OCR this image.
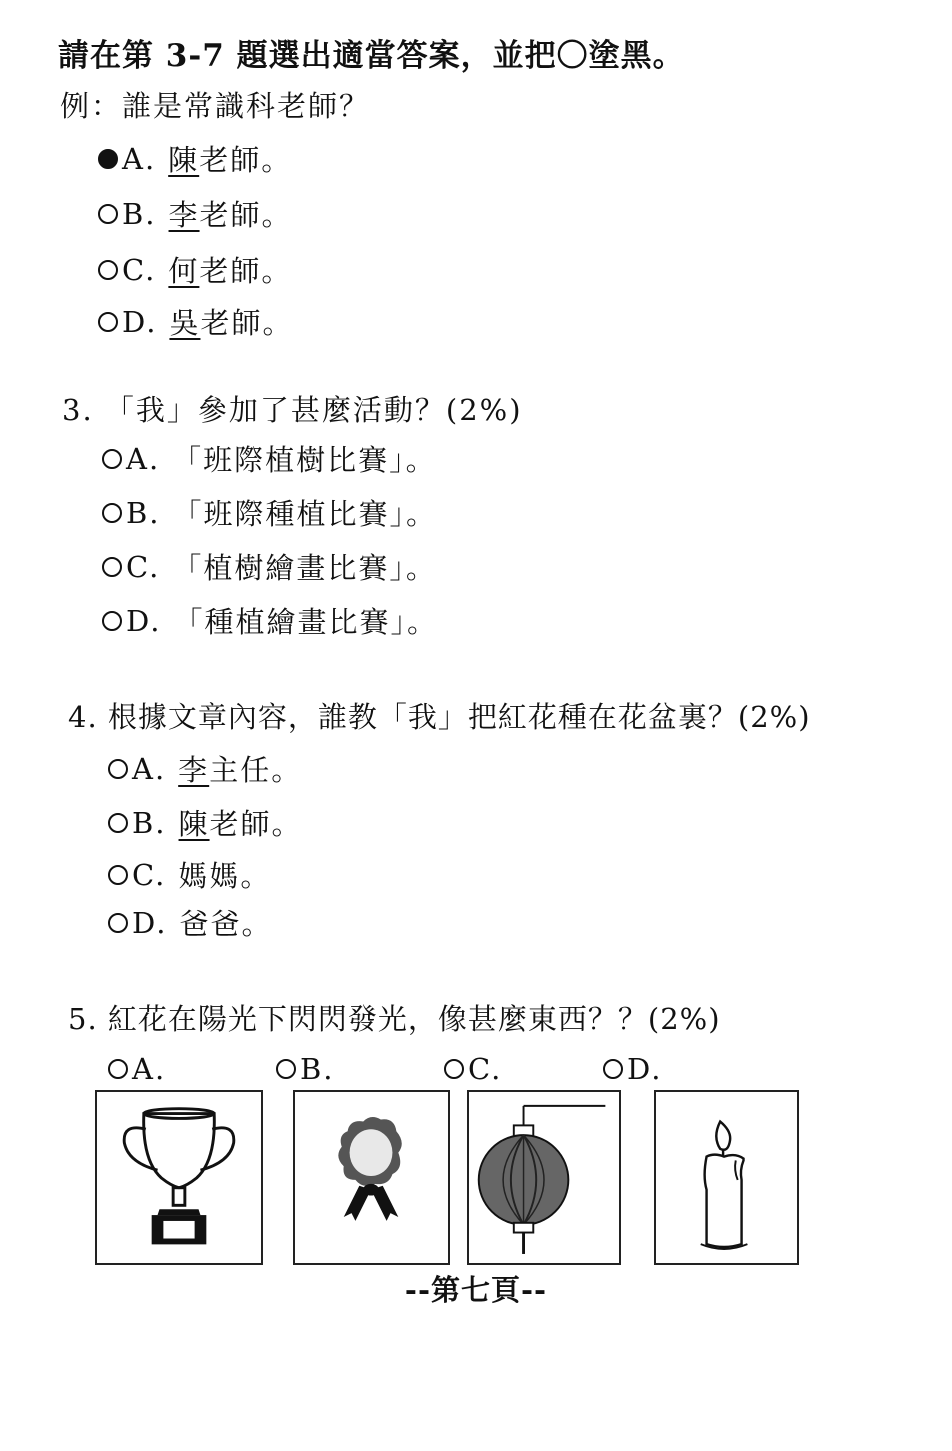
請在第 3-7 題選出適當答案，並把〇塗黑。
例：誰是常識科老師？
A. 陳 老師。
B. 李 老師。
C. 何 老師。
D. 吳 老師。
3. 「我」參加了甚麼活動？(2%)
A. 「班際植樹比賽」。
B. 「班際種植比賽」。
C. 「植樹繪畫比賽」。
D. 「種植繪畫比賽」。
4. 根據文章內容，誰教「我」把紅花種在花盆裏？(2%)
A. 李 主任。
B. 陳 老師。
C. 媽媽。
D. 爸爸。
5. 紅花在陽光下閃閃發光，像甚麼東西？？(2%)
A.	B.	C.	D.
--第七頁--
